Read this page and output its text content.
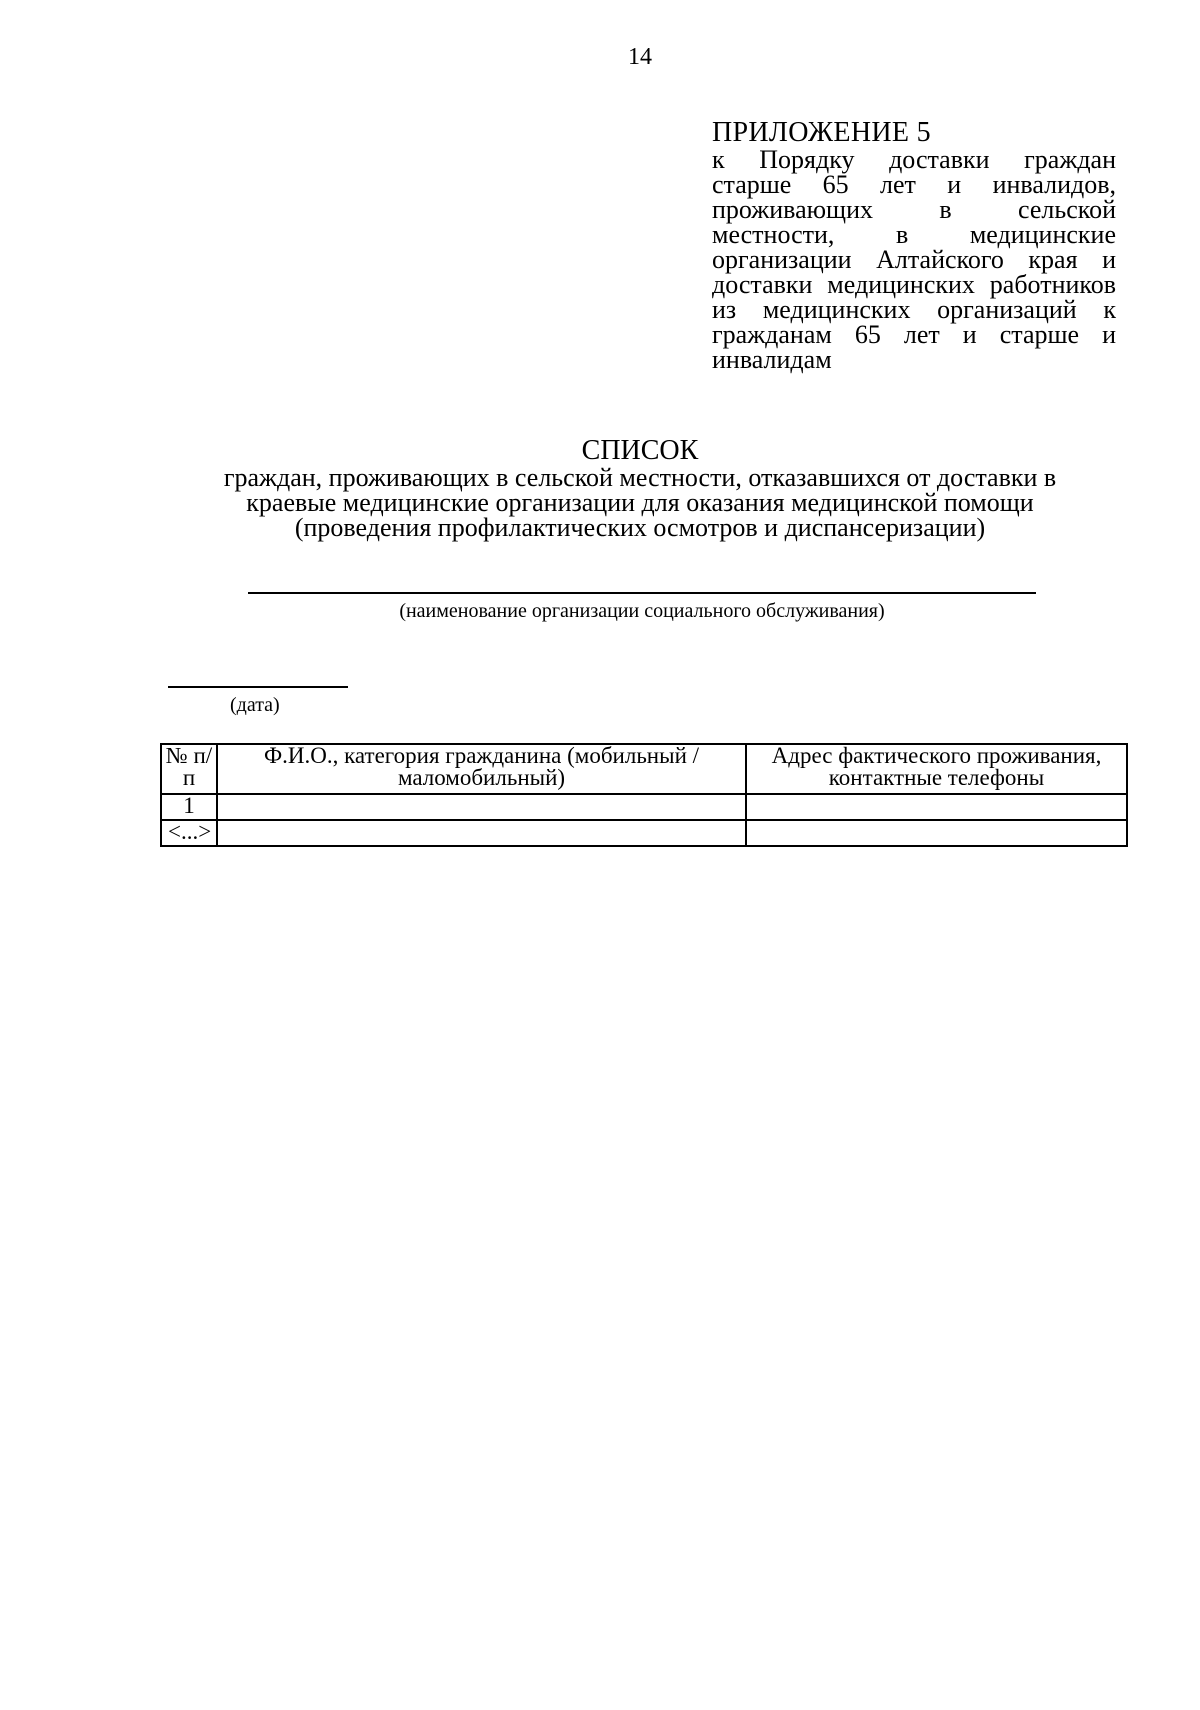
14
ПРИЛОЖЕНИЕ 5
к Порядку доставки граждан старше 65 лет и инвалидов, проживающих в сельской местности, в медицинские организации Алтайского края и доставки медицинских работников из медицинских организаций к гражданам 65 лет и старше и инвалидам
СПИСОК
граждан, проживающих в сельской местности, отказавшихся от доставки в краевые медицинские организации для оказания медицинской помощи (проведения профилактических осмотров и диспансеризации)
(наименование организации социального обслуживания)
(дата)
№ п/п	Ф.И.О., категория гражданина (мобильный / маломобильный)	Адрес фактического проживания, контактные телефоны
1		
<...>		
